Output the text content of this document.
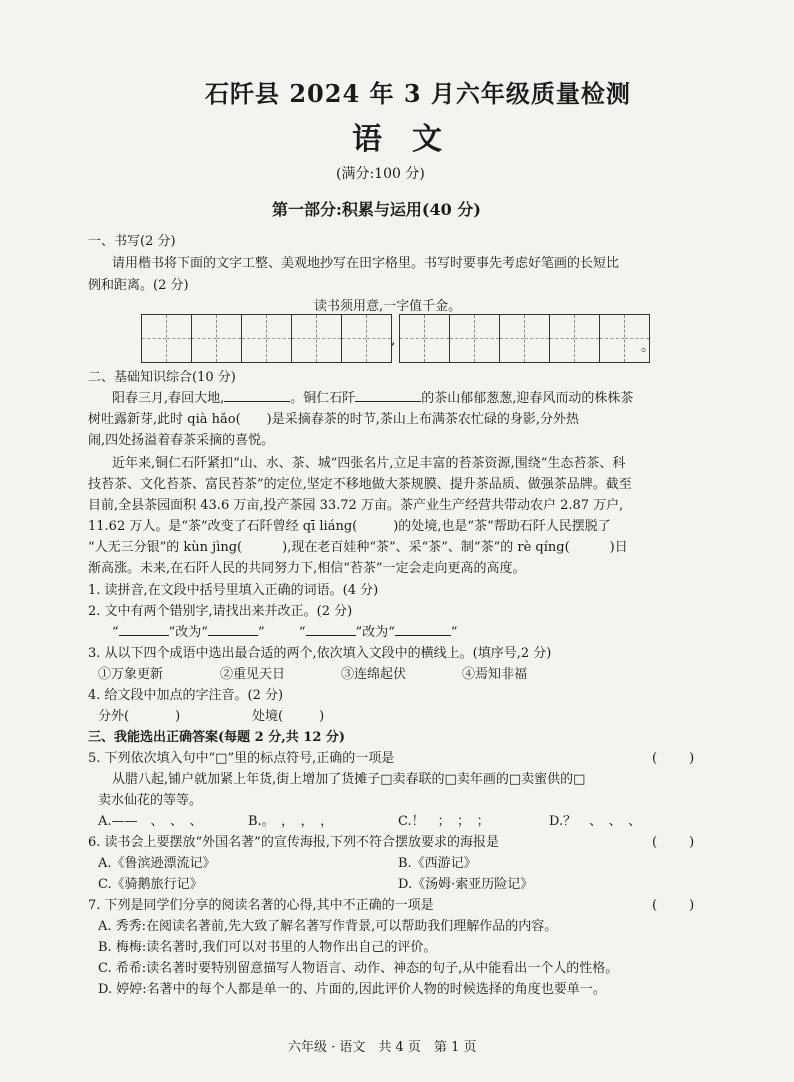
石阡县 2024 年 3 月六年级质量检测
语文
(满分:100 分)
第一部分:积累与运用(40 分)
一、书写(2 分)
请用楷书将下面的文字工整、美观地抄写在田字格里。书写时要事先考虑好笔画的长短比
例和距离。(2 分)
读书须用意,一字值千金。
,	。
二、基础知识综合(10 分)
阳春三月,春回大地,	。铜仁石阡	的茶山郁郁葱葱,迎春风而动的株株茶
树吐露新芽,此时 qià hǎo( )是采摘春茶的时节,茶山上布满茶农忙碌的身影,分外热
闹,四处扬溢着春茶采摘的喜悦。
近年来,铜仁石阡紧扣“山、水、茶、城”四张名片,立足丰富的苔茶资源,围绕“生态苔茶、科
技苔茶、文化苔茶、富民苔茶”的定位,坚定不移地做大茶规膜、提升茶品质、做强茶品牌。截至
目前,全县茶园面积 43.6 万亩,投产茶园 33.72 万亩。茶产业生产经营共带动农户 2.87 万户,
11.62 万人。是“茶”改变了石阡曾经 qī liáng(	)的处境,也是“茶”帮助石阡人民摆脱了
“人无三分银”的 kùn jìng(	),现在老百娃种“茶”、采“茶”、制“茶”的 rè qíng(	)日
渐高涨。未来,在石阡人民的共同努力下,相信“苔茶”一定会走向更高的高度。
1. 读拼音,在文段中括号里填入正确的词语。(4 分)
2. 文中有两个错别字,请找出来并改正。(2 分)
“	”改为“	”	“	”改为“	”
3. 从以下四个成语中选出最合适的两个,依次填入文段中的横线上。(填序号,2 分)
①万象更新	②重见天日	③连绵起伏	④焉知非福
4. 给文段中加点的字注音。(2 分)
分外(	)	处境(	)
三、我能选出正确答案(每题 2 分,共 12 分)
5. 下列依次填入句中“□”里的标点符号,正确的一项是	(　　)
从腊八起,铺户就加紧上年货,街上增加了货摊子□卖春联的□卖年画的□卖蜜供的□
卖水仙花的等等。
A.——　、　、　、	B.。　，　，　，	C.！　；　；　；	D.？　、　、　、
6. 读书会上要摆放“外国名著”的宣传海报,下列不符合摆放要求的海报是	(　　)
A.《鲁滨逊漂流记》	B.《西游记》
C.《骑鹅旅行记》	D.《汤姆·索亚历险记》
7. 下列是同学们分享的阅读名著的心得,其中不正确的一项是	(　　)
A. 秀秀:在阅读名著前,先大致了解名著写作背景,可以帮助我们理解作品的内容。
B. 梅梅:读名著时,我们可以对书里的人物作出自己的评价。
C. 希希:读名著时要特别留意描写人物语言、动作、神态的句子,从中能看出一个人的性格。
D. 婷婷:名著中的每个人都是单一的、片面的,因此评价人物的时候选择的角度也要单一。
六年级 · 语文　共 4 页　第 1 页
